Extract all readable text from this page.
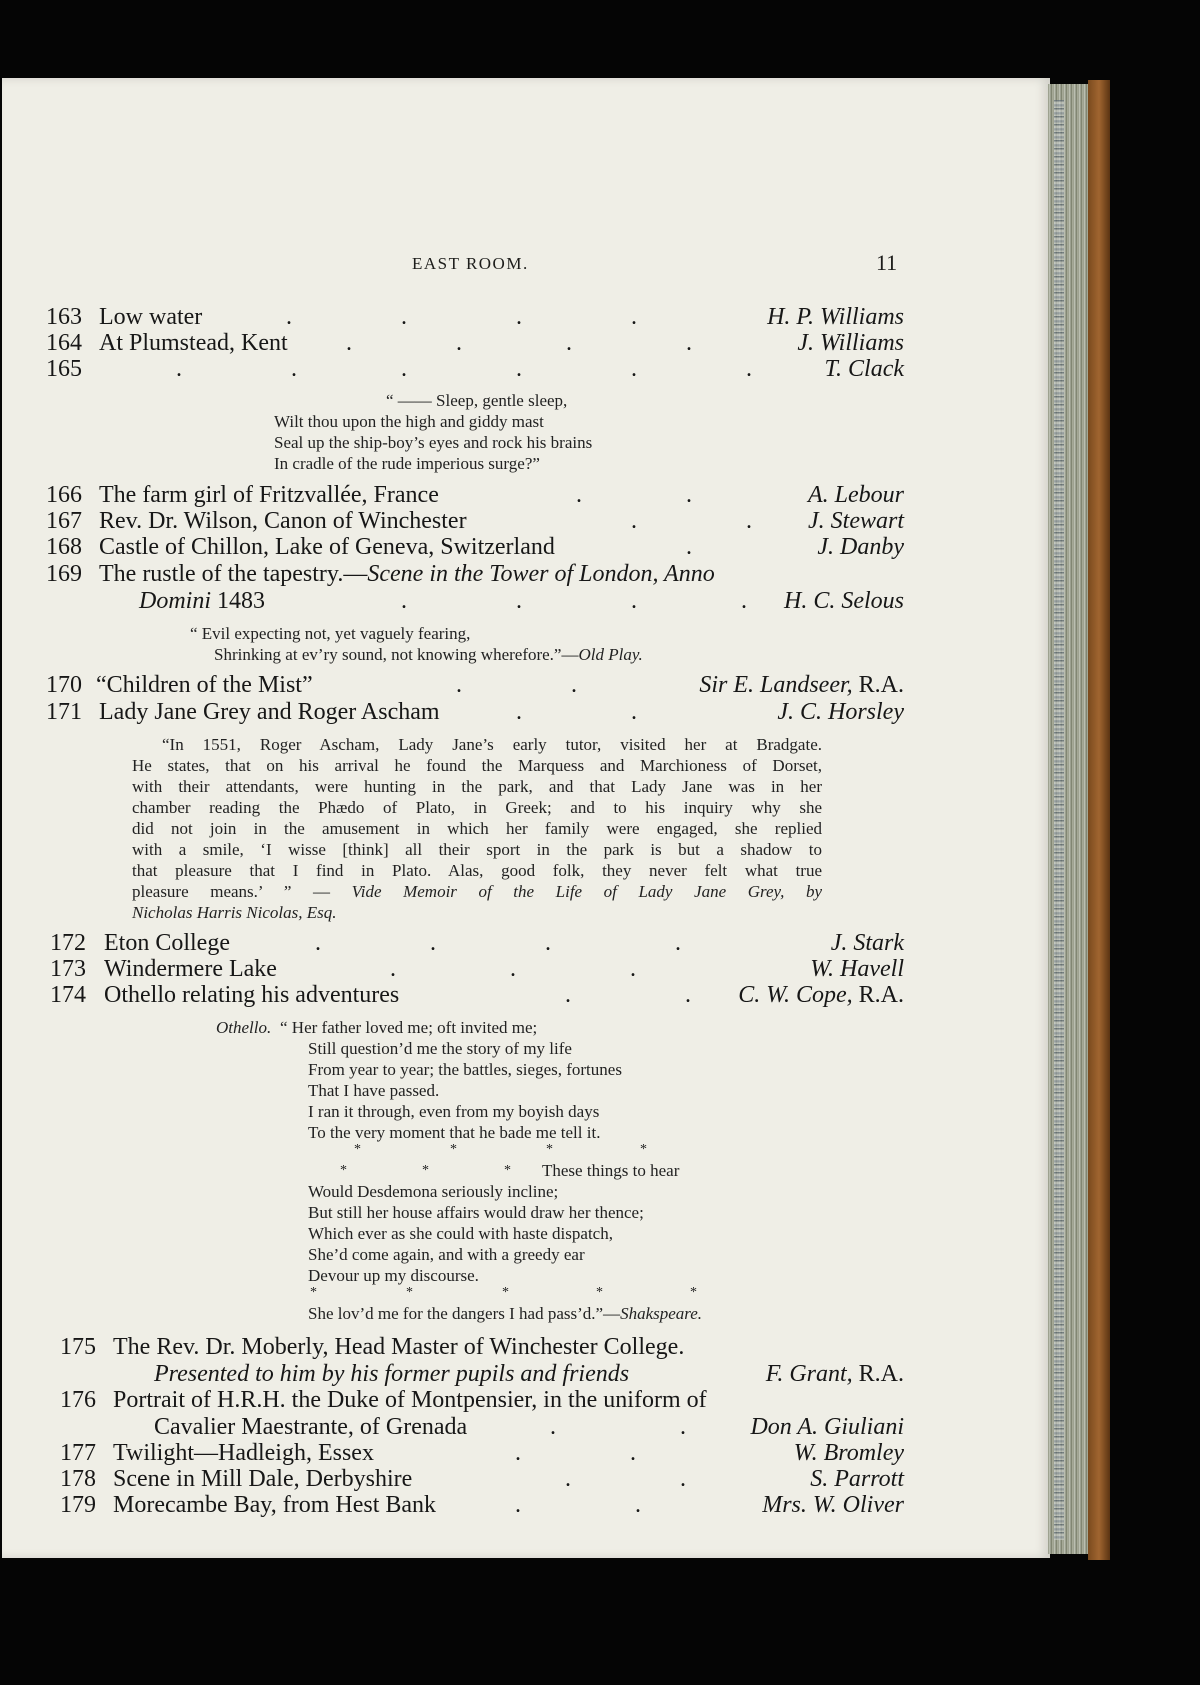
EAST ROOM.	11
163 Low water	.	.	.	.	H. P. Williams
164 At Plumstead, Kent .	.	.	.	J. Williams
165	.	.	.	.	.	.	T. Clack
“ —— Sleep, gentle sleep,
Wilt thou upon the high and giddy mast
Seal up the ship-boy’s eyes and rock his brains
In cradle of the rude imperious surge?”
166 The farm girl of Fritzvallée, France	.	.	A. Lebour
167 Rev. Dr. Wilson, Canon of Winchester	.	. J. Stewart
168 Castle of Chillon, Lake of Geneva, Switzerland	.	J. Danby
169 The rustle of the tapestry.—Scene in the Tower of London, Anno
Domini 1483	.	.	.	. H. C. Selous
“ Evil expecting not, yet vaguely fearing,
Shrinking at ev’ry sound, not knowing wherefore.”—Old Play.
170 “Children of the Mist”	.	.	Sir E. Landseer, R.A.
171 Lady Jane Grey and Roger Ascham	.	.	J. C. Horsley
“In 1551, Roger Ascham, Lady Jane’s early tutor, visited her at Bradgate.
He states, that on his arrival he found the Marquess and Marchioness of Dorset,
with their attendants, were hunting in the park, and that Lady Jane was in her
chamber reading the Phædo of Plato, in Greek; and to his inquiry why she
did not join in the amusement in which her family were engaged, she replied
with a smile, ‘I wisse [think] all their sport in the park is but a shadow to
that pleasure that I find in Plato. Alas, good folk, they never felt what true
pleasure means.’ ” — Vide Memoir of the Life of Lady Jane Grey, by
Nicholas Harris Nicolas, Esq.
172 Eton College	.	.	.	.	J. Stark
173 Windermere Lake	.	.	.	W. Havell
174 Othello relating his adventures	.	. C. W. Cope, R.A.
Othello. “ Her father loved me; oft invited me;
Still question’d me the story of my life
From year to year; the battles, sieges, fortunes
That I have passed.
I ran it through, even from my boyish days
To the very moment that he bade me tell it.
*	*	*	*
*	*	* These things to hear
Would Desdemona seriously incline;
But still her house affairs would draw her thence;
Which ever as she could with haste dispatch,
She’d come again, and with a greedy ear
Devour up my discourse.
*	*	*	*	*
She lov’d me for the dangers I had pass’d.”—Shakspeare.
175 The Rev. Dr. Moberly, Head Master of Winchester College.
Presented to him by his former pupils and friends	F. Grant, R.A.
176 Portrait of H.R.H. the Duke of Montpensier, in the uniform of
Cavalier Maestrante, of Grenada	.	.	Don A. Giuliani
177 Twilight—Hadleigh, Essex	.	.	W. Bromley
178 Scene in Mill Dale, Derbyshire	.	.	S. Parrott
179 Morecambe Bay, from Hest Bank	.	.	Mrs. W. Oliver
